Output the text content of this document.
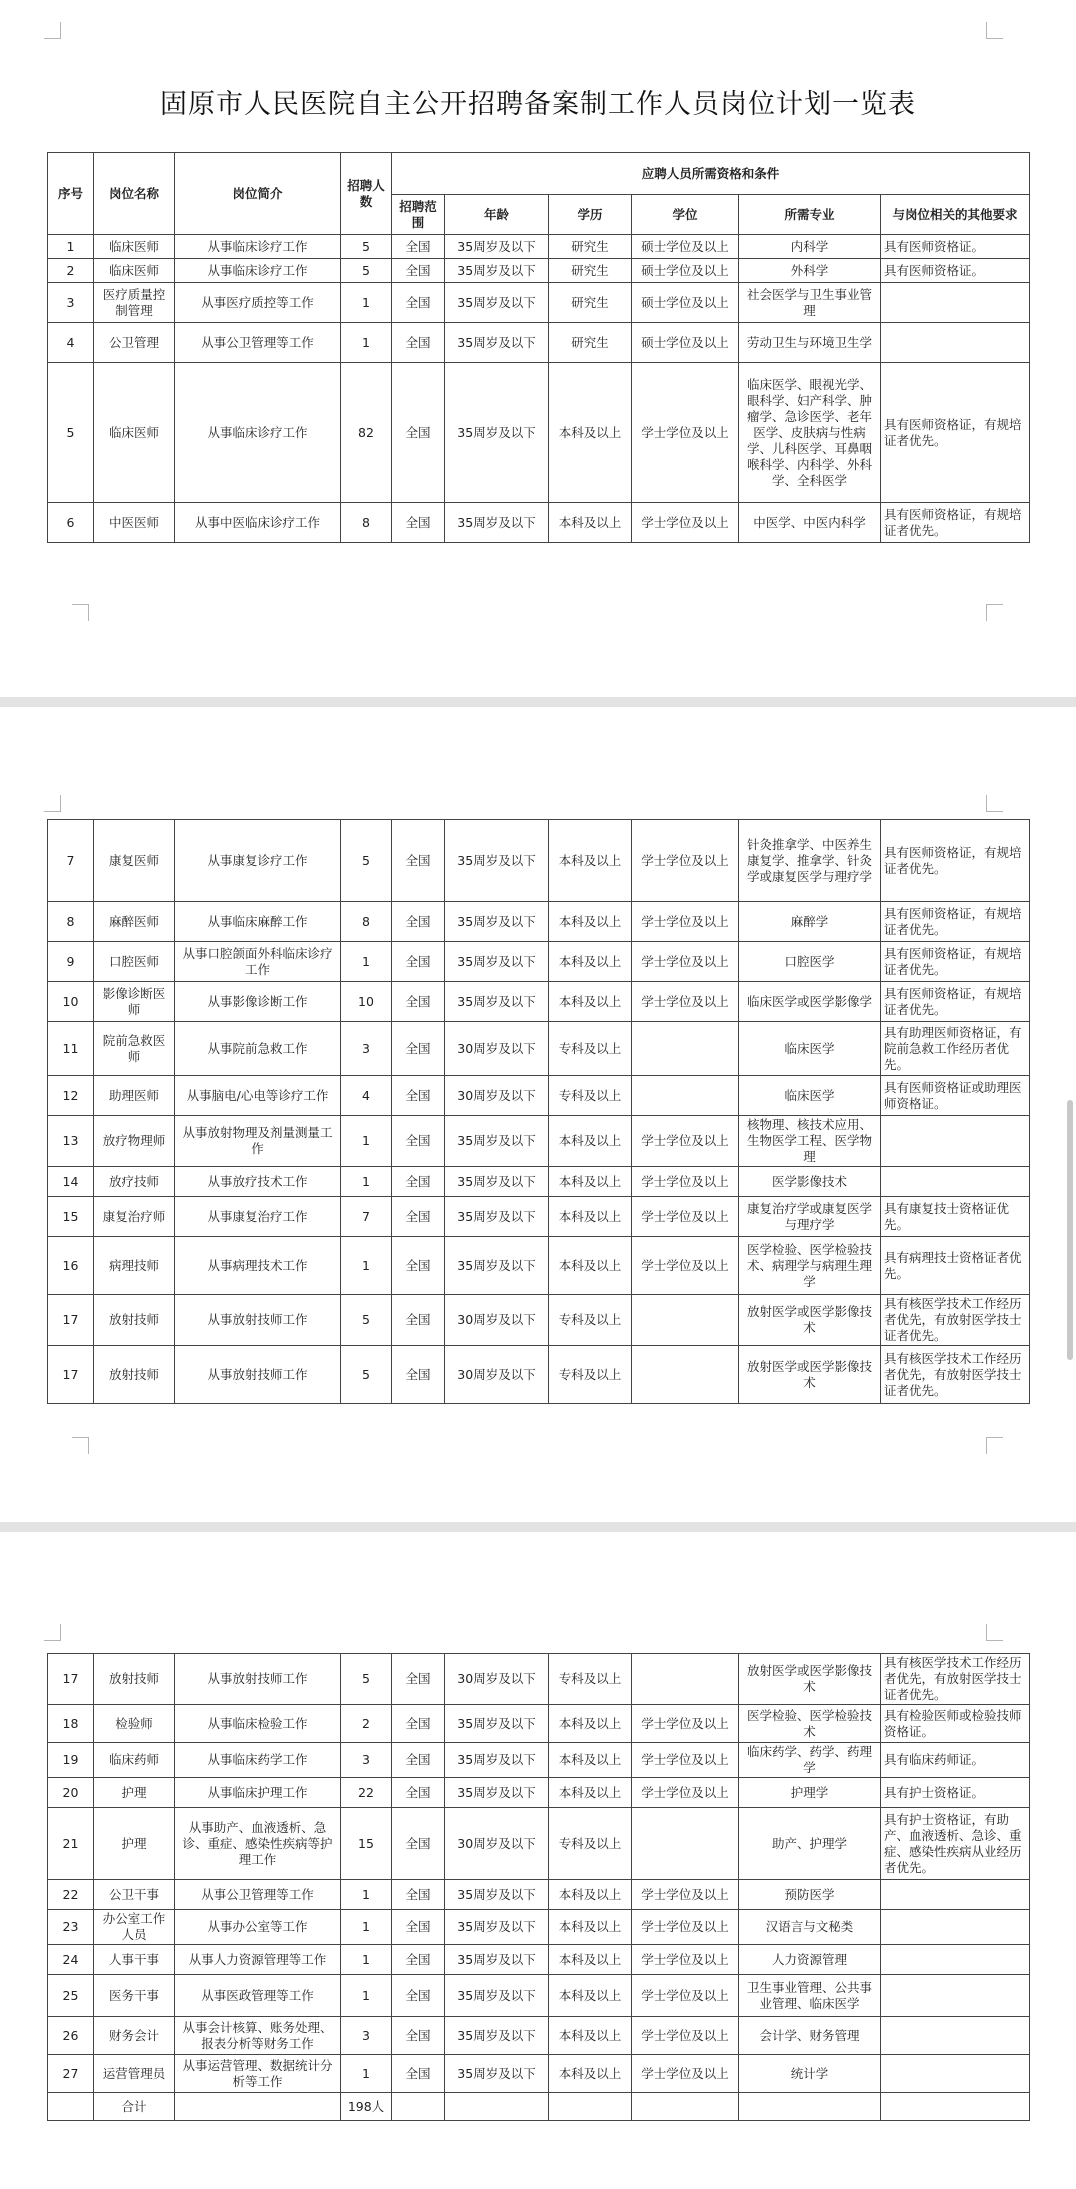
固原市人民医院自主公开招聘备案制工作人员岗位计划一览表
序号	岗位名称	岗位简介	招聘人数	应聘人员所需资格和条件					
				招聘范围	年龄	学历	学位	所需专业	与岗位相关的其他要求
1	临床医师	从事临床诊疗工作	5	全国	35周岁及以下	研究生	硕士学位及以上	内科学	具有医师资格证。
2	临床医师	从事临床诊疗工作	5	全国	35周岁及以下	研究生	硕士学位及以上	外科学	具有医师资格证。
3	医疗质量控制管理	从事医疗质控等工作	1	全国	35周岁及以下	研究生	硕士学位及以上	社会医学与卫生事业管理	
4	公卫管理	从事公卫管理等工作	1	全国	35周岁及以下	研究生	硕士学位及以上	劳动卫生与环境卫生学	
5	临床医师	从事临床诊疗工作	82	全国	35周岁及以下	本科及以上	学士学位及以上	临床医学、眼视光学、眼科学、妇产科学、肿瘤学、急诊医学、老年医学、皮肤病与性病学、儿科医学、耳鼻咽喉科学、内科学、外科学、全科医学	具有医师资格证，有规培证者优先。
6	中医医师	从事中医临床诊疗工作	8	全国	35周岁及以下	本科及以上	学士学位及以上	中医学、中医内科学	具有医师资格证，有规培证者优先。
7	康复医师	从事康复诊疗工作	5	全国	35周岁及以下	本科及以上	学士学位及以上	针灸推拿学、中医养生康复学、推拿学、针灸学或康复医学与理疗学	具有医师资格证，有规培证者优先。
8	麻醉医师	从事临床麻醉工作	8	全国	35周岁及以下	本科及以上	学士学位及以上	麻醉学	具有医师资格证，有规培证者优先。
9	口腔医师	从事口腔颌面外科临床诊疗工作	1	全国	35周岁及以下	本科及以上	学士学位及以上	口腔医学	具有医师资格证，有规培证者优先。
10	影像诊断医师	从事影像诊断工作	10	全国	35周岁及以下	本科及以上	学士学位及以上	临床医学或医学影像学	具有医师资格证，有规培证者优先。
11	院前急救医师	从事院前急救工作	3	全国	30周岁及以下	专科及以上		临床医学	具有助理医师资格证，有院前急救工作经历者优先。
12	助理医师	从事脑电/心电等诊疗工作	4	全国	30周岁及以下	专科及以上		临床医学	具有医师资格证或助理医师资格证。
13	放疗物理师	从事放射物理及剂量测量工作	1	全国	35周岁及以下	本科及以上	学士学位及以上	核物理、核技术应用、生物医学工程、医学物理	
14	放疗技师	从事放疗技术工作	1	全国	35周岁及以下	本科及以上	学士学位及以上	医学影像技术	
15	康复治疗师	从事康复治疗工作	7	全国	35周岁及以下	本科及以上	学士学位及以上	康复治疗学或康复医学与理疗学	具有康复技士资格证优先。
16	病理技师	从事病理技术工作	1	全国	35周岁及以下	本科及以上	学士学位及以上	医学检验、医学检验技术、病理学与病理生理学	具有病理技士资格证者优先。
17	放射技师	从事放射技师工作	5	全国	30周岁及以下	专科及以上		放射医学或医学影像技术	具有核医学技术工作经历者优先，有放射医学技士证者优先。
17	放射技师	从事放射技师工作	5	全国	30周岁及以下	专科及以上		放射医学或医学影像技术	具有核医学技术工作经历者优先，有放射医学技士证者优先。
17	放射技师	从事放射技师工作	5	全国	30周岁及以下	专科及以上		放射医学或医学影像技术	具有核医学技术工作经历者优先，有放射医学技士证者优先。
18	检验师	从事临床检验工作	2	全国	35周岁及以下	本科及以上	学士学位及以上	医学检验、医学检验技术	具有检验医师或检验技师资格证。
19	临床药师	从事临床药学工作	3	全国	35周岁及以下	本科及以上	学士学位及以上	临床药学、药学、药理学	具有临床药师证。
20	护理	从事临床护理工作	22	全国	35周岁及以下	本科及以上	学士学位及以上	护理学	具有护士资格证。
21	护理	从事助产、血液透析、急诊、重症、感染性疾病等护理工作	15	全国	30周岁及以下	专科及以上		助产、护理学	具有护士资格证，有助产、血液透析、急诊、重症、感染性疾病从业经历者优先。
22	公卫干事	从事公卫管理等工作	1	全国	35周岁及以下	本科及以上	学士学位及以上	预防医学	
23	办公室工作人员	从事办公室等工作	1	全国	35周岁及以下	本科及以上	学士学位及以上	汉语言与文秘类	
24	人事干事	从事人力资源管理等工作	1	全国	35周岁及以下	本科及以上	学士学位及以上	人力资源管理	
25	医务干事	从事医政管理等工作	1	全国	35周岁及以下	本科及以上	学士学位及以上	卫生事业管理、公共事业管理、临床医学	
26	财务会计	从事会计核算、账务处理、报表分析等财务工作	3	全国	35周岁及以下	本科及以上	学士学位及以上	会计学、财务管理	
27	运营管理员	从事运营管理、数据统计分析等工作	1	全国	35周岁及以下	本科及以上	学士学位及以上	统计学	
	合计		198人						
